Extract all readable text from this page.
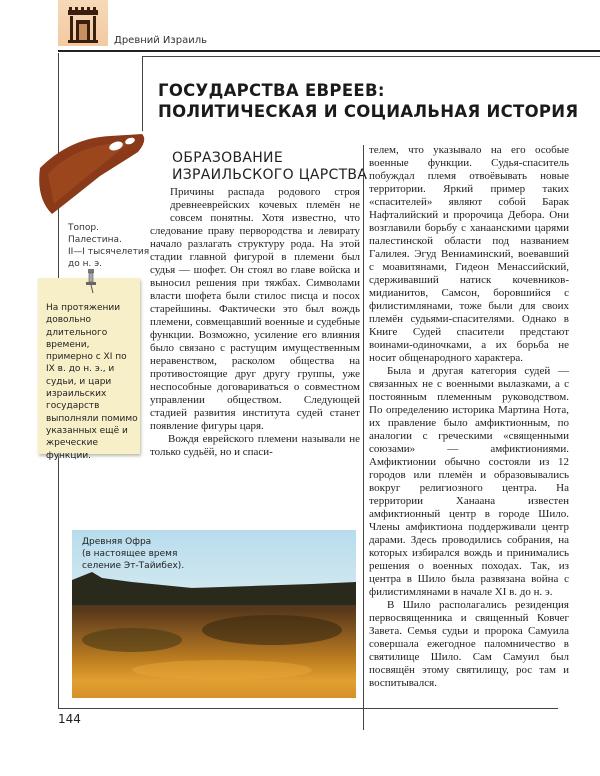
Древний Израиль
ГОСУДАРСТВА ЕВРЕЕВ:
ПОЛИТИЧЕСКАЯ И СОЦИАЛЬНАЯ ИСТОРИЯ
Топор.
Палестина.
II—I тысячелетия
до н. э.
На протяжении довольно длительного времени, примерно с XI по IX в. до н. э., и судьи, и цари израильских государств выполняли помимо указанных ещё и жреческие функции.
ОБРАЗОВАНИЕ
ИЗРАИЛЬСКОГО ЦАРСТВА

Причины распада родового строя древнееврейских кочевых племён не совсем понятны. Хотя известно, что следование праву первородства и левирату начало разлагать структуру рода. На этой стадии главной фигурой в племени был судья — шофет. Он стоял во главе войска и выносил решения при тяжбах. Символами власти шофета были стилос писца и посох старейшины. Фактически это был вождь племени, совмещавший военные и судебные функции. Возможно, усиление его влияния было связано с растущим имущественным неравенством, расколом общества на противостоящие друг другу группы, уже неспособные договариваться о совместном управлении обществом. Следующей стадией развития института судей станет появление фигуры царя.

Вождя еврейского племени называли не только судьёй, но и спаси-

телем, что указывало на его особые военные функции. Судья-спаситель побуждал племя отвоёвывать новые территории. Яркий пример таких «спасителей» являют собой Барак Нафталийский и пророчица Дебора. Они возглавили борьбу с ханаанскими царями палестинской области под названием Галилея. Эгуд Вениаминский, воевавший с моавитянами, Гидеон Менассийский, сдерживавший натиск кочевников-мидианитов, Самсон, боровшийся с филистимлянами, тоже были для своих племён судьями-спасителями. Однако в Книге Судей спасители предстают воинами-одиночками, а их борьба не носит общенародного характера.

Была и другая категория судей — связанных не с военными вылазками, а с постоянным племенным руководством. По определению историка Мартина Нота, их правление было амфиктионным, по аналогии с греческими «священными союзами» — амфиктиониями. Амфиктионии обычно состояли из 12 городов или племён и образовывались вокруг религиозного центра. На территории Ханаана известен амфиктионный центр в городе Шило. Члены амфиктиона поддерживали центр дарами. Здесь проводились собрания, на которых избирался вождь и принимались решения о военных походах. Так, из центра в Шило была развязана война с филистимлянами в начале XI в. до н. э.

В Шило располагались резиденция первосвященника и священный Ковчег Завета. Семья судьи и пророка Самуила совершала ежегодное паломничество в святилище Шило. Сам Самуил был посвящён этому святилищу, рос там и воспитывался.

Древняя Офра
(в настоящее время
селение Эт-Тайибех).
144
